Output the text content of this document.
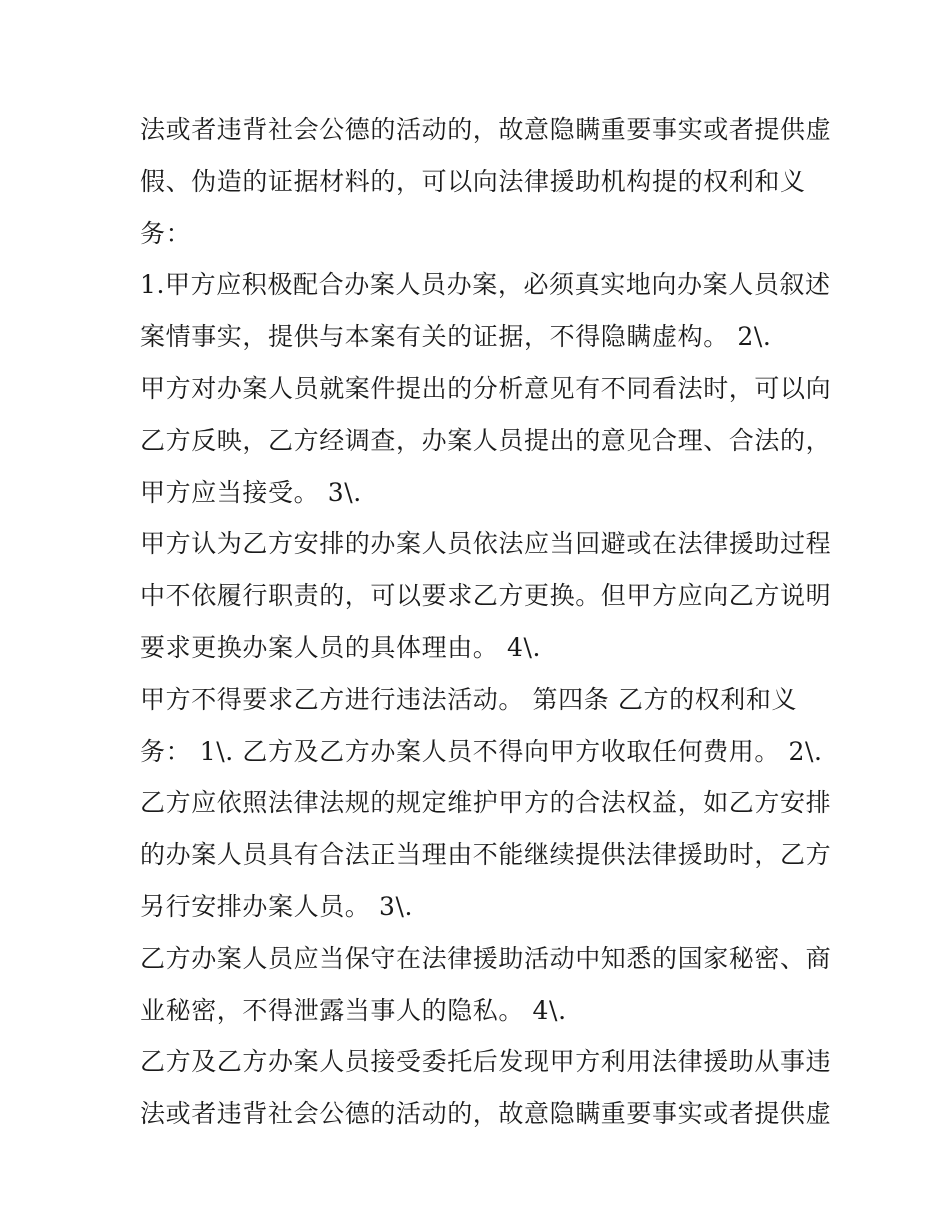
法或者违背社会公德的活动的，故意隐瞒重要事实或者提供虚
假、伪造的证据材料的，可以向法律援助机构提的权利和义
务：
1.甲方应积极配合办案人员办案，必须真实地向办案人员叙述
案情事实，提供与本案有关的证据，不得隐瞒虚构。 2\.
甲方对办案人员就案件提出的分析意见有不同看法时，可以向
乙方反映，乙方经调查，办案人员提出的意见合理、合法的，
甲方应当接受。 3\.
甲方认为乙方安排的办案人员依法应当回避或在法律援助过程
中不依履行职责的，可以要求乙方更换。但甲方应向乙方说明
要求更换办案人员的具体理由。 4\.
甲方不得要求乙方进行违法活动。 第四条 乙方的权利和义
务： 1\. 乙方及乙方办案人员不得向甲方收取任何费用。 2\.
乙方应依照法律法规的规定维护甲方的合法权益，如乙方安排
的办案人员具有合法正当理由不能继续提供法律援助时，乙方
另行安排办案人员。 3\.
乙方办案人员应当保守在法律援助活动中知悉的国家秘密、商
业秘密，不得泄露当事人的隐私。 4\.
乙方及乙方办案人员接受委托后发现甲方利用法律援助从事违
法或者违背社会公德的活动的，故意隐瞒重要事实或者提供虚
